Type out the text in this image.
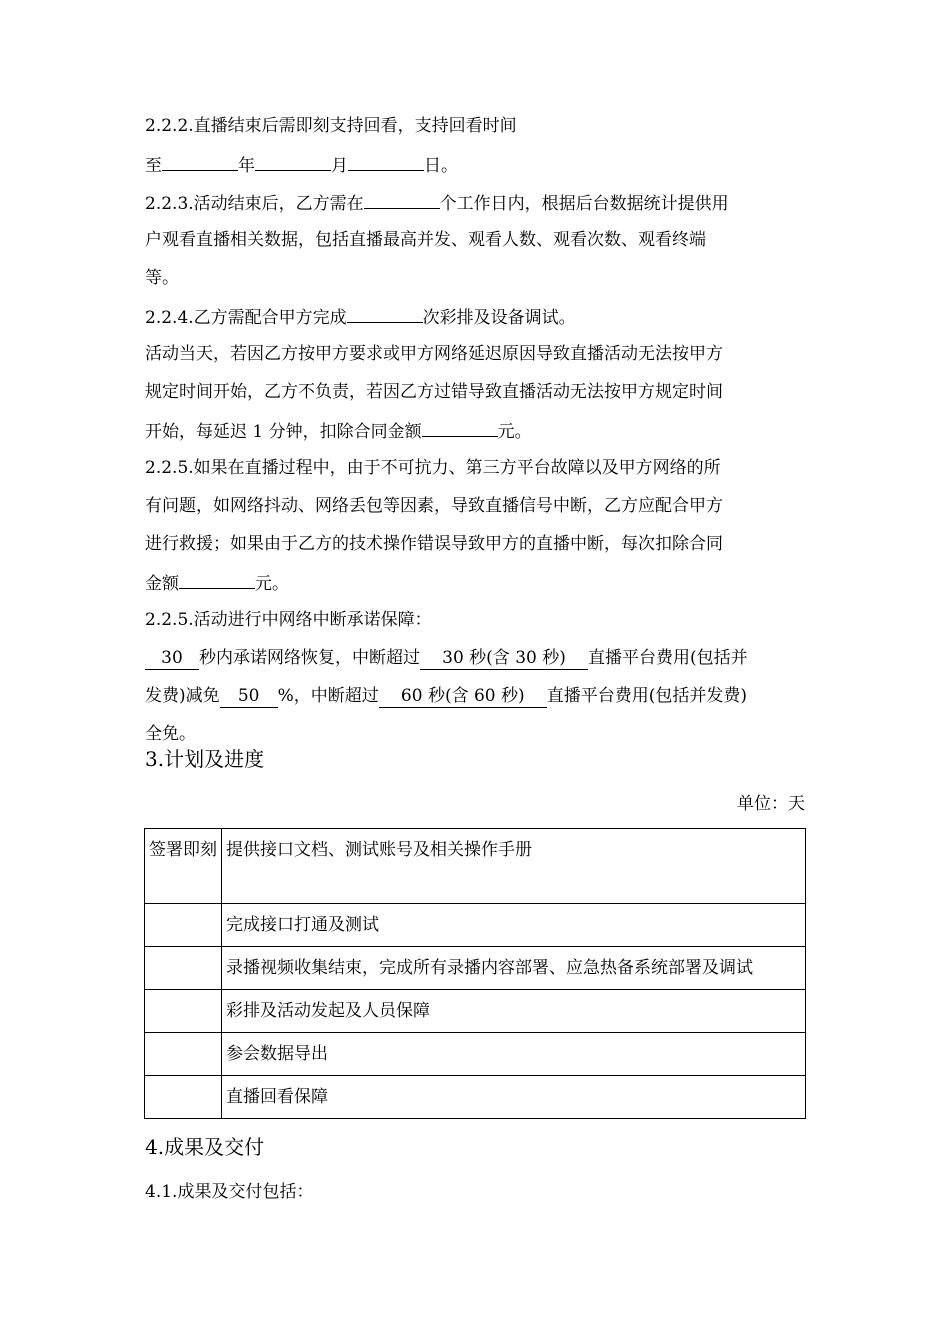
2.2.2.直播结束后需即刻支持回看，支持回看时间
至	年	月	日。
2.2.3.活动结束后，乙方需在	个工作日内，根据后台数据统计提供用
户观看直播相关数据，包括直播最高并发、观看人数、观看次数、观看终端
等。
2.2.4.乙方需配合甲方完成	次彩排及设备调试。
活动当天，若因乙方按甲方要求或甲方网络延迟原因导致直播活动无法按甲方
规定时间开始，乙方不负责，若因乙方过错导致直播活动无法按甲方规定时间
开始，每延迟 1 分钟，扣除合同金额	元。
2.2.5.如果在直播过程中，由于不可抗力、第三方平台故障以及甲方网络的所
有问题，如网络抖动、网络丢包等因素，导致直播信号中断，乙方应配合甲方
进行救援；如果由于乙方的技术操作错误导致甲方的直播中断，每次扣除合同
金额	元。
2.2.5.活动进行中网络中断承诺保障：
30 秒内承诺网络恢复，中断超过 30 秒(含 30 秒) 直播平台费用(包括并
发费)减免 50 %，中断超过 60 秒(含 60 秒) 直播平台费用(包括并发费)
全免。
3.计划及进度
单位：天
签署即刻	提供接口文档、测试账号及相关操作手册
	完成接口打通及测试
	录播视频收集结束，完成所有录播内容部署、应急热备系统部署及调试
	彩排及活动发起及人员保障
	参会数据导出
	直播回看保障
4.成果及交付
4.1.成果及交付包括：
